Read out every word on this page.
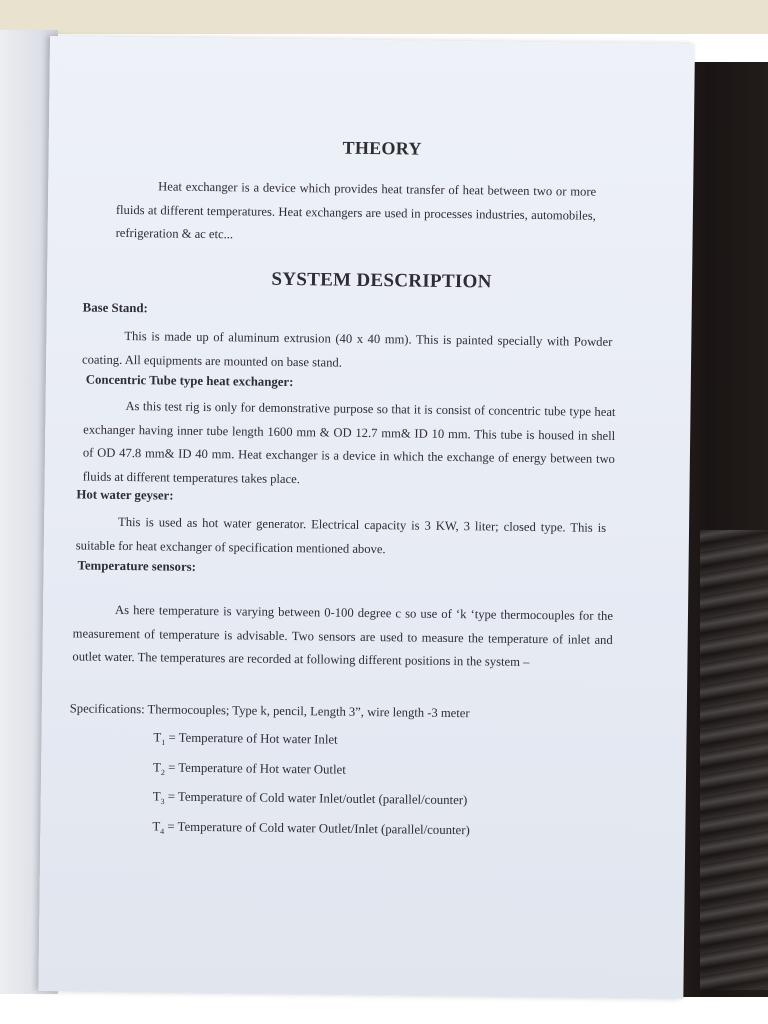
THEORY

Heat exchanger is a device which provides heat transfer of heat between two or more fluids at different temperatures. Heat exchangers are used in processes industries, automobiles, refrigeration & ac etc...

SYSTEM DESCRIPTION

Base Stand:

This is made up of aluminum extrusion (40 x 40 mm). This is painted specially with Powder coating. All equipments are mounted on base stand.

Concentric Tube type heat exchanger:

As this test rig is only for demonstrative purpose so that it is consist of concentric tube type heat exchanger having inner tube length 1600 mm & OD 12.7 mm& ID 10 mm. This tube is housed in shell of OD 47.8 mm& ID 40 mm. Heat exchanger is a device in which the exchange of energy between two fluids at different temperatures takes place.

Hot water geyser:

This is used as hot water generator. Electrical capacity is 3 KW, 3 liter; closed type. This is suitable for heat exchanger of specification mentioned above.

Temperature sensors:

As here temperature is varying between 0-100 degree c so use of ‘k ‘type thermocouples for the measurement of temperature is advisable. Two sensors are used to measure the temperature of inlet and outlet water. The temperatures are recorded at following different positions in the system –

Specifications: Thermocouples; Type k, pencil, Length 3”, wire length -3 meter

$T_1$ = Temperature of Hot water Inlet
$T_2$ = Temperature of Hot water Outlet
$T_3$ = Temperature of Cold water Inlet/outlet (parallel/counter)
$T_4$ = Temperature of Cold water Outlet/Inlet (parallel/counter)
